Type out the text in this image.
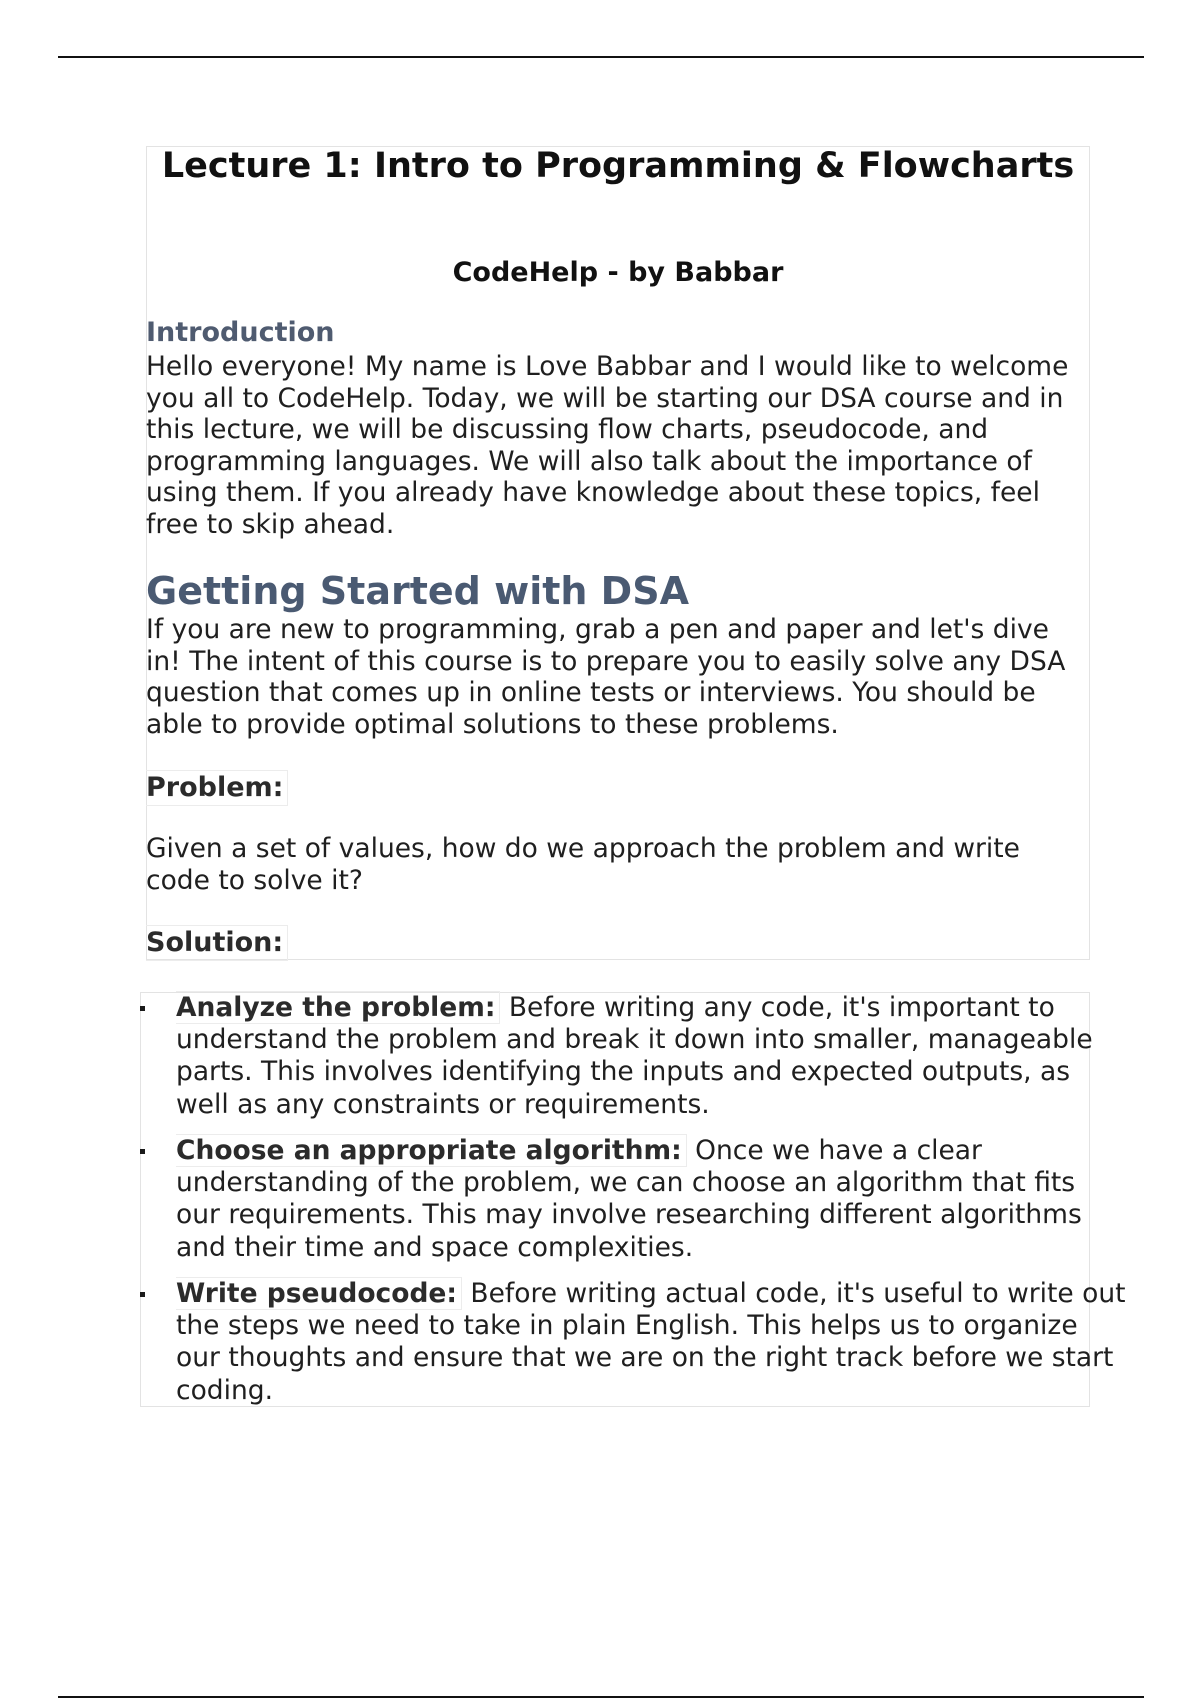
Lecture 1: Intro to Programming & Flowcharts
CodeHelp - by Babbar
Introduction

Hello everyone! My name is Love Babbar and I would like to welcome you all to CodeHelp. Today, we will be starting our DSA course and in this lecture, we will be discussing flow charts, pseudocode, and programming languages. We will also talk about the importance of using them. If you already have knowledge about these topics, feel free to skip ahead.

Getting Started with DSA

If you are new to programming, grab a pen and paper and let's dive in! The intent of this course is to prepare you to easily solve any DSA question that comes up in online tests or interviews. You should be able to provide optimal solutions to these problems.

Problem:

Given a set of values, how do we approach the problem and write code to solve it?

Solution:
Analyze the problem: Before writing any code, it's important to understand the problem and break it down into smaller, manageable parts. This involves identifying the inputs and expected outputs, as well as any constraints or requirements.
Choose an appropriate algorithm: Once we have a clear understanding of the problem, we can choose an algorithm that fits our requirements. This may involve researching different algorithms and their time and space complexities.
Write pseudocode: Before writing actual code, it's useful to write out the steps we need to take in plain English. This helps us to organize our thoughts and ensure that we are on the right track before we start coding.
